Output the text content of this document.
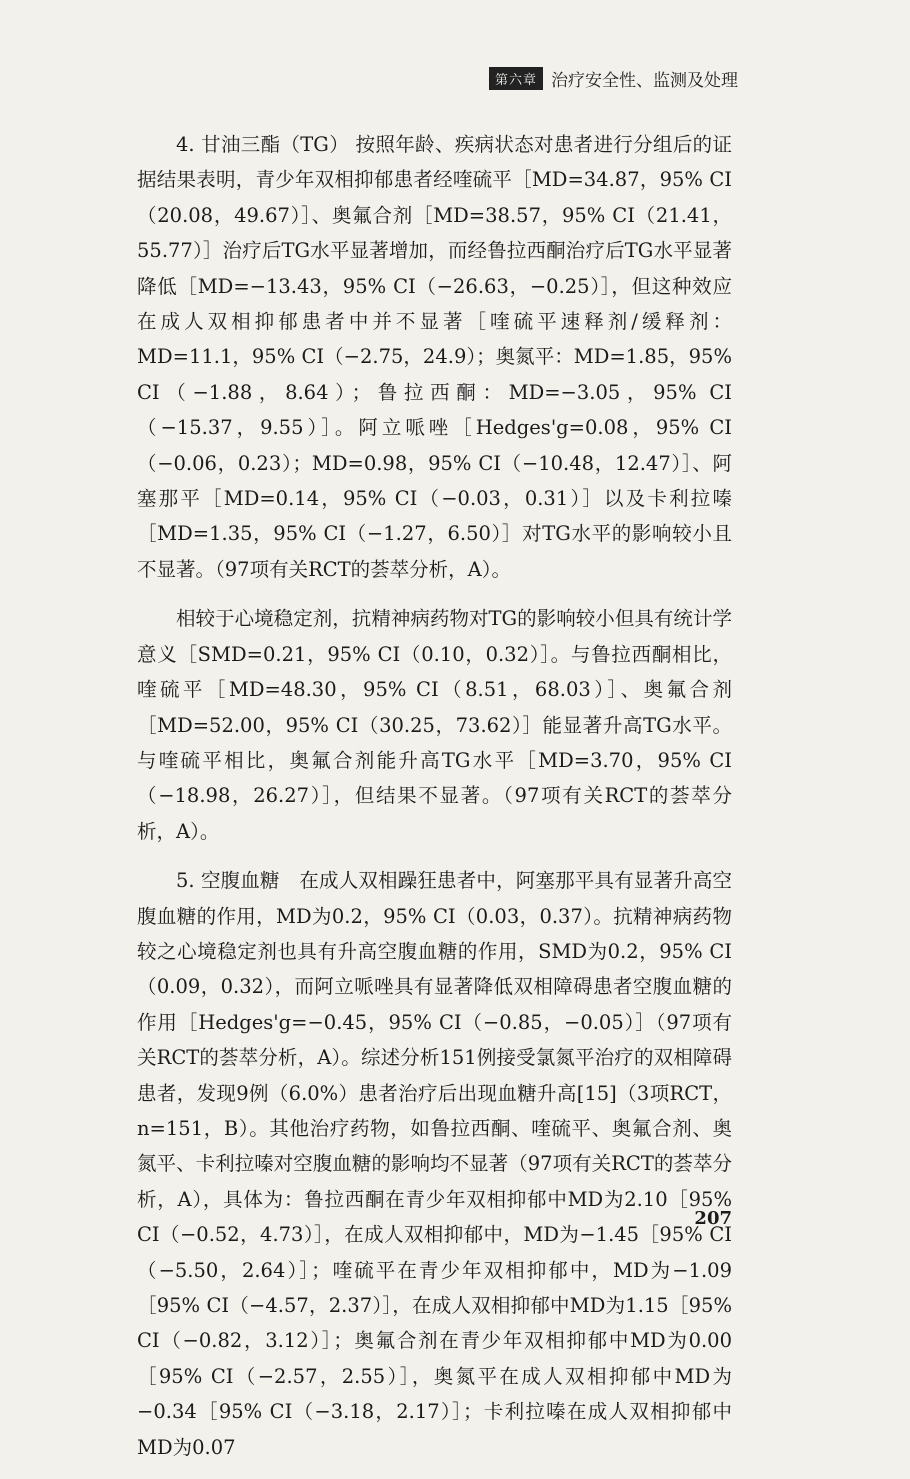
第六章 治疗安全性、监测及处理

4. 甘油三酯（TG） 按照年龄、疾病状态对患者进行分组后的证据结果表明，青少年双相抑郁患者经喹硫平［MD=34.87，95% CI（20.08，49.67）］、奥氟合剂［MD=38.57，95% CI（21.41，55.77）］治疗后TG水平显著增加，而经鲁拉西酮治疗后TG水平显著降低［MD=−13.43，95% CI（−26.63，−0.25）］，但这种效应在成人双相抑郁患者中并不显著［喹硫平速释剂/缓释剂：MD=11.1，95% CI（−2.75，24.9）；奥氮平：MD=1.85，95% CI（−1.88，8.64）；鲁拉西酮：MD=−3.05，95% CI（−15.37，9.55）］。阿立哌唑［Hedges'g=0.08，95% CI（−0.06，0.23）；MD=0.98，95% CI（−10.48，12.47）］、阿塞那平［MD=0.14，95% CI（−0.03，0.31）］以及卡利拉嗪［MD=1.35，95% CI（−1.27，6.50）］对TG水平的影响较小且不显著。（97项有关RCT的荟萃分析，A）。

相较于心境稳定剂，抗精神病药物对TG的影响较小但具有统计学意义［SMD=0.21，95% CI（0.10，0.32）］。与鲁拉西酮相比，喹硫平［MD=48.30，95% CI（8.51，68.03）］、奥氟合剂［MD=52.00，95% CI（30.25，73.62）］能显著升高TG水平。与喹硫平相比，奥氟合剂能升高TG水平［MD=3.70，95% CI（−18.98，26.27）］，但结果不显著。（97项有关RCT的荟萃分析，A）。

5. 空腹血糖　在成人双相躁狂患者中，阿塞那平具有显著升高空腹血糖的作用，MD为0.2，95% CI（0.03，0.37）。抗精神病药物较之心境稳定剂也具有升高空腹血糖的作用，SMD为0.2，95% CI（0.09，0.32），而阿立哌唑具有显著降低双相障碍患者空腹血糖的作用［Hedges'g=−0.45，95% CI（−0.85，−0.05）］（97项有关RCT的荟萃分析，A）。综述分析151例接受氯氮平治疗的双相障碍患者，发现9例（6.0%）患者治疗后出现血糖升高[15]（3项RCT，n=151，B）。其他治疗药物，如鲁拉西酮、喹硫平、奥氟合剂、奥氮平、卡利拉嗪对空腹血糖的影响均不显著（97项有关RCT的荟萃分析，A），具体为：鲁拉西酮在青少年双相抑郁中MD为2.10［95% CI（−0.52，4.73）］，在成人双相抑郁中，MD为−1.45［95% CI（−5.50，2.64）］；喹硫平在青少年双相抑郁中，MD为−1.09［95% CI（−4.57，2.37）］，在成人双相抑郁中MD为1.15［95% CI（−0.82，3.12）］；奥氟合剂在青少年双相抑郁中MD为0.00［95% CI（−2.57，2.55）］，奥氮平在成人双相抑郁中MD为−0.34［95% CI（−3.18，2.17）］；卡利拉嗪在成人双相抑郁中MD为0.07

207
